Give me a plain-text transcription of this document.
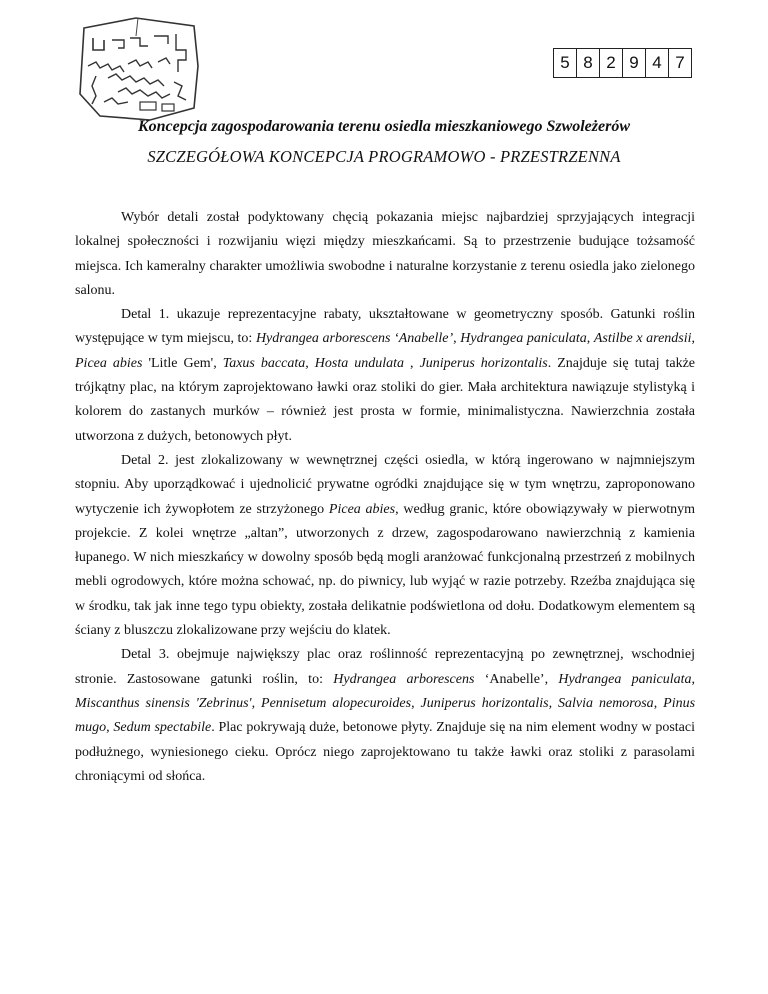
5 8 2 9 4 7
Koncepcja zagospodarowania terenu osiedla mieszkaniowego Szwoleżerów
SZCZEGÓŁOWA KONCEPCJA PROGRAMOWO - PRZESTRZENNA

Wybór detali został podyktowany chęcią pokazania miejsc najbardziej sprzyjających integracji lokalnej społeczności i rozwijaniu więzi między mieszkańcami. Są to przestrzenie budujące tożsamość miejsca. Ich kameralny charakter umożliwia swobodne i naturalne korzystanie z terenu osiedla jako zielonego salonu.

Detal 1. ukazuje reprezentacyjne rabaty, ukształtowane w geometryczny sposób. Gatunki roślin występujące w tym miejscu, to: Hydrangea arborescens ‘Anabelle’, Hydrangea paniculata, Astilbe x arendsii, Picea abies 'Litle Gem', Taxus baccata, Hosta undulata , Juniperus horizontalis. Znajduje się tutaj także trójkątny plac, na którym zaprojektowano ławki oraz stoliki do gier. Mała architektura nawiązuje stylistyką i kolorem do zastanych murków – również jest prosta w formie, minimalistyczna. Nawierzchnia została utworzona z dużych, betonowych płyt.

Detal 2. jest zlokalizowany w wewnętrznej części osiedla, w którą ingerowano w najmniejszym stopniu. Aby uporządkować i ujednolicić prywatne ogródki znajdujące się w tym wnętrzu, zaproponowano wytyczenie ich żywopłotem ze strzyżonego Picea abies, według granic, które obowiązywały w pierwotnym projekcie. Z kolei wnętrze „altan”, utworzonych z drzew, zagospodarowano nawierzchnią z kamienia łupanego. W nich mieszkańcy w dowolny sposób będą mogli aranżować funkcjonalną przestrzeń z mobilnych mebli ogrodowych, które można schować, np. do piwnicy, lub wyjąć w razie potrzeby. Rzeźba znajdująca się w środku, tak jak inne tego typu obiekty, została delikatnie podświetlona od dołu. Dodatkowym elementem są ściany z bluszczu zlokalizowane przy wejściu do klatek.

Detal 3. obejmuje największy plac oraz roślinność reprezentacyjną po zewnętrznej, wschodniej stronie. Zastosowane gatunki roślin, to: Hydrangea arborescens ‘Anabelle’, Hydrangea paniculata, Miscanthus sinensis 'Zebrinus', Pennisetum alopecuroides, Juniperus horizontalis, Salvia nemorosa, Pinus mugo, Sedum spectabile. Plac pokrywają duże, betonowe płyty. Znajduje się na nim element wodny w postaci podłużnego, wyniesionego cieku. Oprócz niego zaprojektowano tu także ławki oraz stoliki z parasolami chroniącymi od słońca.
